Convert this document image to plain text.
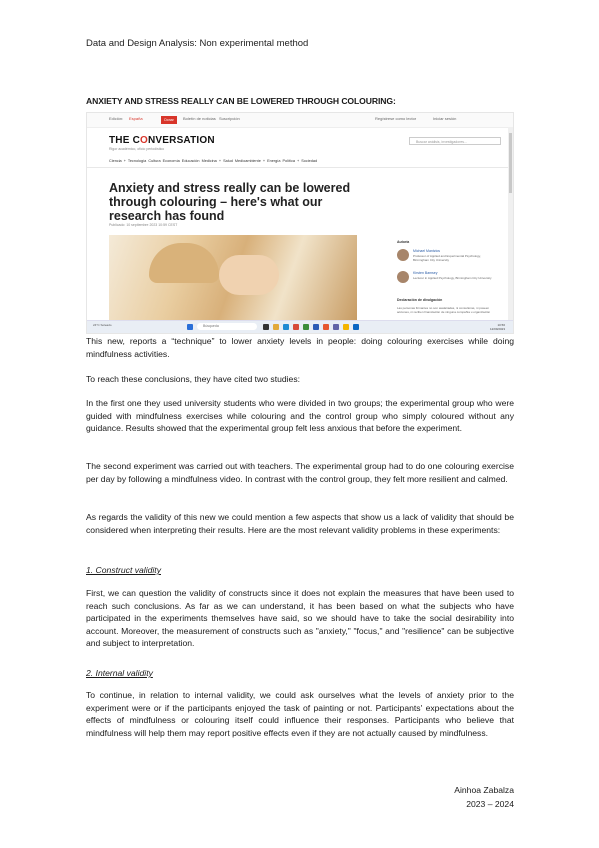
Data and Design Analysis: Non experimental method
ANXIETY AND STRESS REALLY CAN BE LOWERED THROUGH COLOURING:
Edición: España	Donar	Boletín de noticias Suscripción	Regístrese como lector	Iniciar sesión
THE CONVERSATION
Rigor académico, oficio periodístico
Buscar análisis, investigadores...
Ciencia + Tecnología Cultura Economía Educación Medicina + Salud Medioambiente + Energía Política + Sociedad
Anxiety and stress really can be lowered through colouring – here's what our research has found
Publicado: 10 septiembre 2023 10:59 CEST
Autoría
Michael Mantzios
Professor of Applied and Experimental Psychology, Birmingham City University
Kirsten Bamsey
Lecturer in Applied Psychology, Birmingham City University
Declaración de divulgación
Las personas firmantes no son asalariadas, ni consultoras, ni poseen acciones, ni reciben financiación de ninguna compañía u organización
24°C Soleado	Búsqueda	10:56
12/09/2023
This new, reports a “technique” to lower anxiety levels in people: doing colouring exercises while doing mindfulness activities.
To reach these conclusions, they have cited two studies:
In the first one they used university students who were divided in two groups; the experimental group who were guided with mindfulness exercises while colouring and the control group who simply coloured without any guidance. Results showed that the experimental group felt less anxious that before the experiment.
The second experiment was carried out with teachers. The experimental group had to do one colouring exercise per day by following a mindfulness video. In contrast with the control group, they felt more resilient and calmed.
As regards the validity of this new we could mention a few aspects that show us a lack of validity that should be considered when interpreting their results. Here are the most relevant validity problems in these experiments:
1. Construct validity
First, we can question the validity of constructs since it does not explain the measures that have been used to reach such conclusions. As far as we can understand, it has been based on what the subjects who have participated in the experiments themselves have said, so we should have to take the social desirability into account. Moreover, the measurement of constructs such as "anxiety," "focus," and "resilience" can be subjective and subject to interpretation.
2. Internal validity
To continue, in relation to internal validity, we could ask ourselves what the levels of anxiety prior to the experiment were or if the participants enjoyed the task of painting or not. Participants' expectations about the effects of mindfulness or colouring itself could influence their responses. Participants who believe that mindfulness will help them may report positive effects even if they are not actually caused by mindfulness.
Ainhoa Zabalza
2023 – 2024
